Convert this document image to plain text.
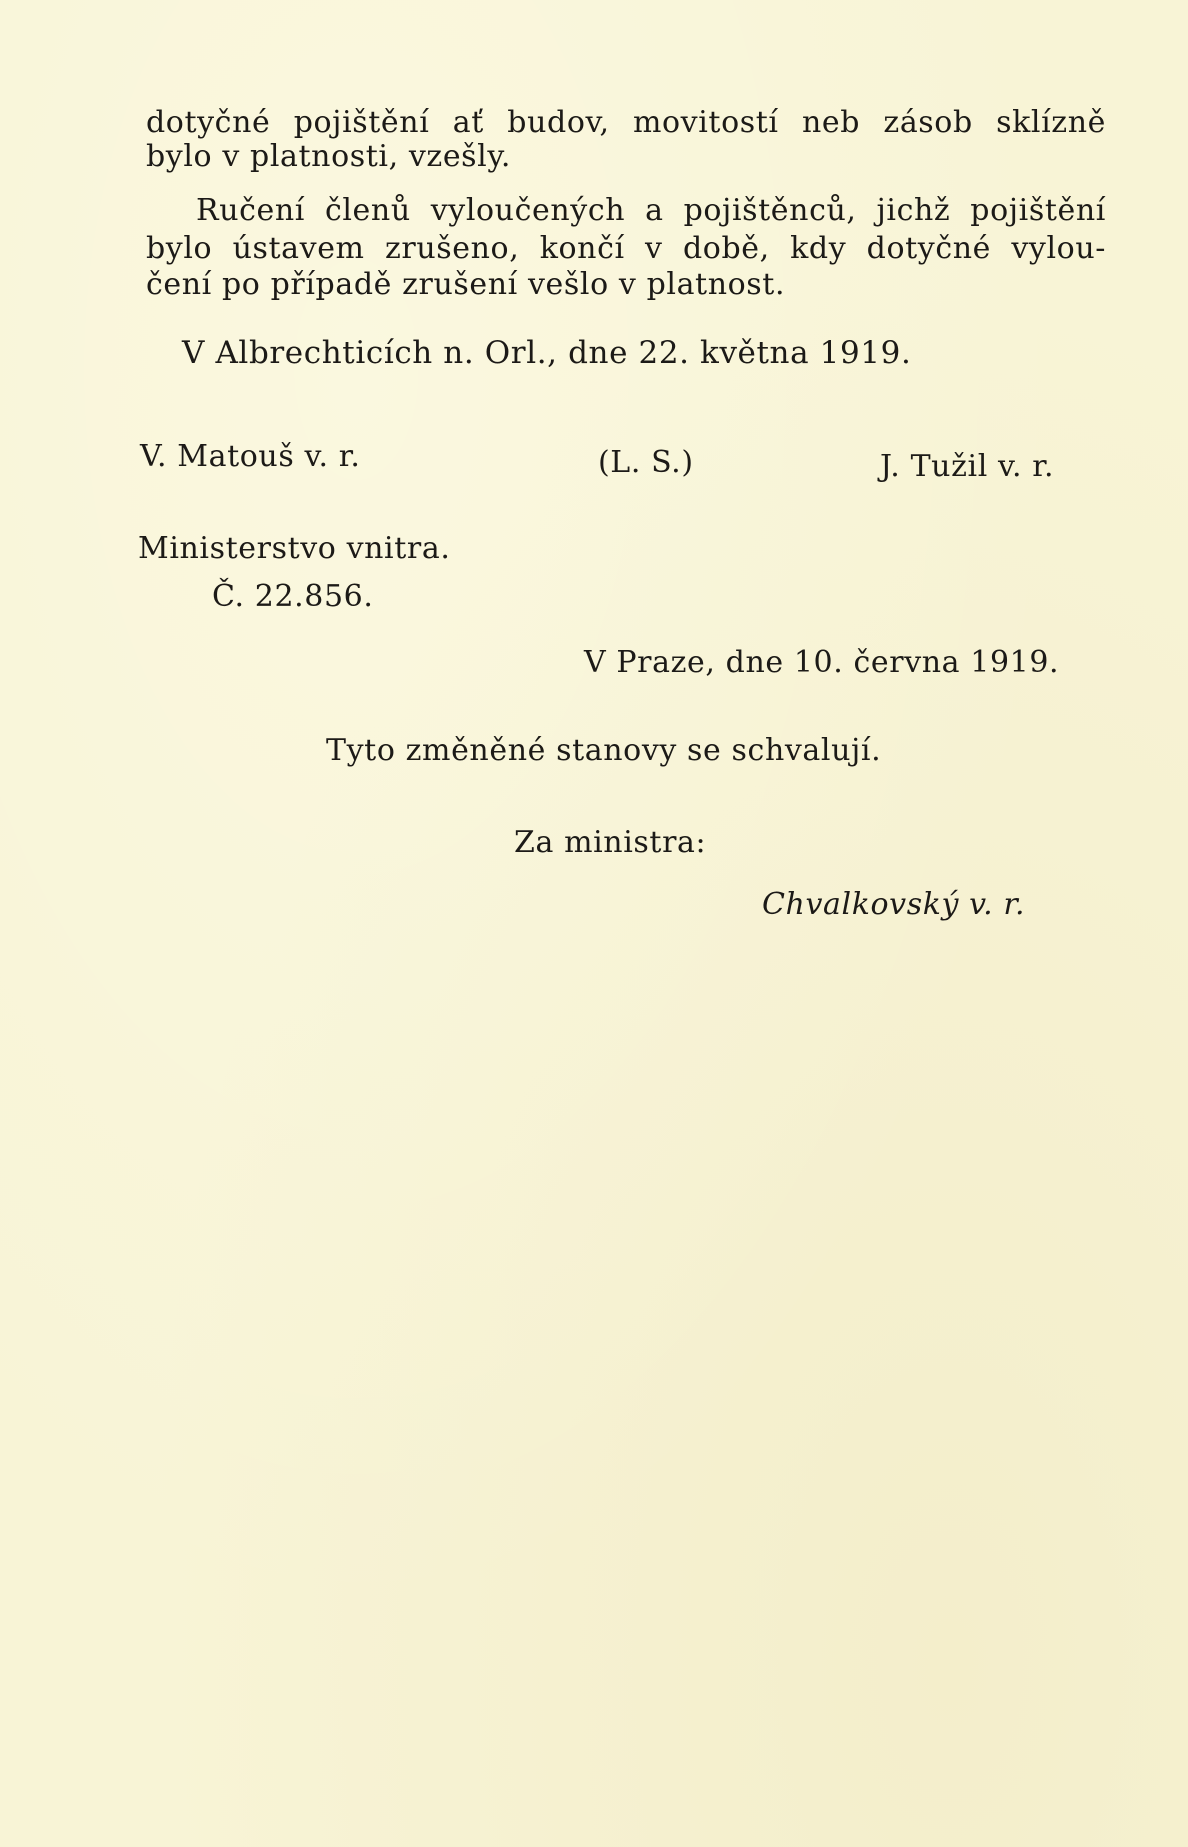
dotyčné pojištění ať budov, movitostí neb zásob sklízně
bylo v platnosti, vzešly.
Ručení členů vyloučených a pojištěnců, jichž pojištění
bylo ústavem zrušeno, končí v době, kdy dotyčné vylou-
čení po případě zrušení vešlo v platnost.
V Albrechticích n. Orl., dne 22. května 1919.
V. Matouš v. r.	(L. S.)	J. Tužil v. r.
Ministerstvo vnitra.
Č. 22.856.
V Praze, dne 10. června 1919.
Tyto změněné stanovy se schvalují.
Za ministra:
Chvalkovský v. r.
